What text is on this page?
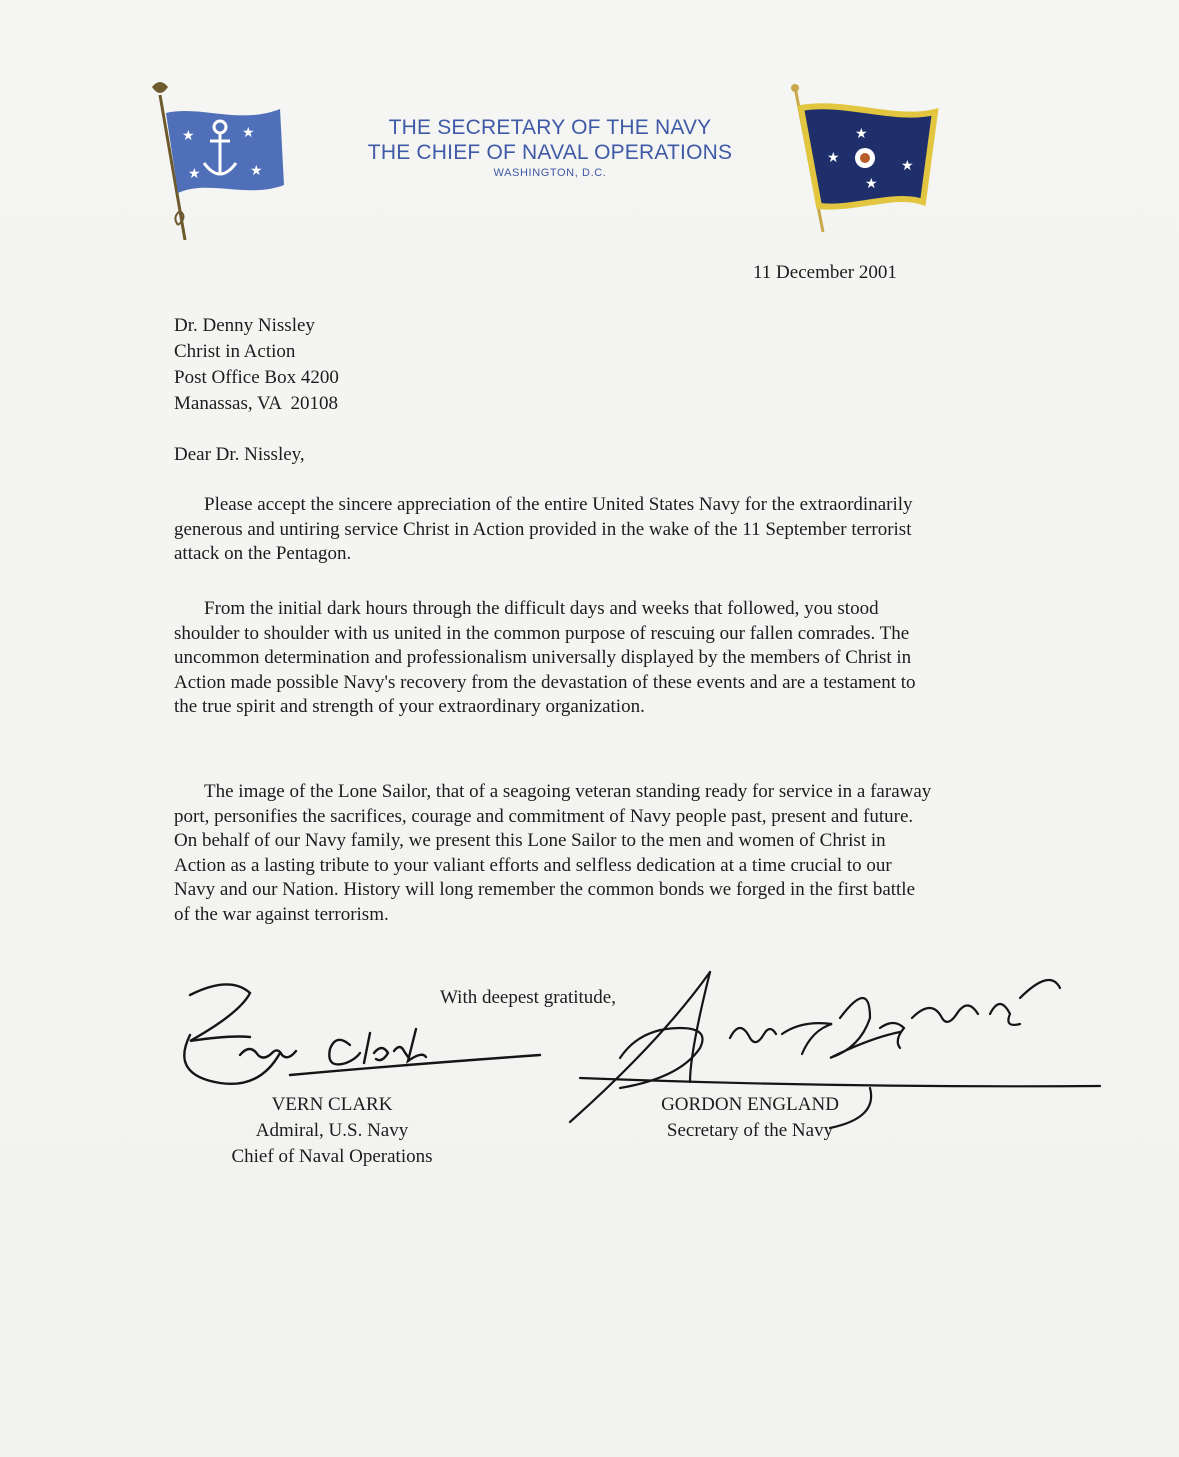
★	★
★	★
THE SECRETARY OF THE NAVY
THE CHIEF OF NAVAL OPERATIONS
WASHINGTON, D.C.
★
★
★
★
11 December 2001
Dr. Denny Nissley
Christ in Action
Post Office Box 4200
Manassas, VA  20108
Dear Dr. Nissley,
Please accept the sincere appreciation of the entire United States Navy for the extraordinarily generous and untiring service Christ in Action provided in the wake of the 11 September terrorist attack on the Pentagon.
From the initial dark hours through the difficult days and weeks that followed, you stood shoulder to shoulder with us united in the common purpose of rescuing our fallen comrades. The uncommon determination and professionalism universally displayed by the members of Christ in Action made possible Navy's recovery from the devastation of these events and are a testament to the true spirit and strength of your extraordinary organization.
The image of the Lone Sailor, that of a seagoing veteran standing ready for service in a faraway port, personifies the sacrifices, courage and commitment of Navy people past, present and future. On behalf of our Navy family, we present this Lone Sailor to the men and women of Christ in Action as a lasting tribute to your valiant efforts and selfless dedication at a time crucial to our Navy and our Nation. History will long remember the common bonds we forged in the first battle of the war against terrorism.
With deepest gratitude,
VERN CLARK
Admiral, U.S. Navy
Chief of Naval Operations
GORDON ENGLAND
Secretary of the Navy
